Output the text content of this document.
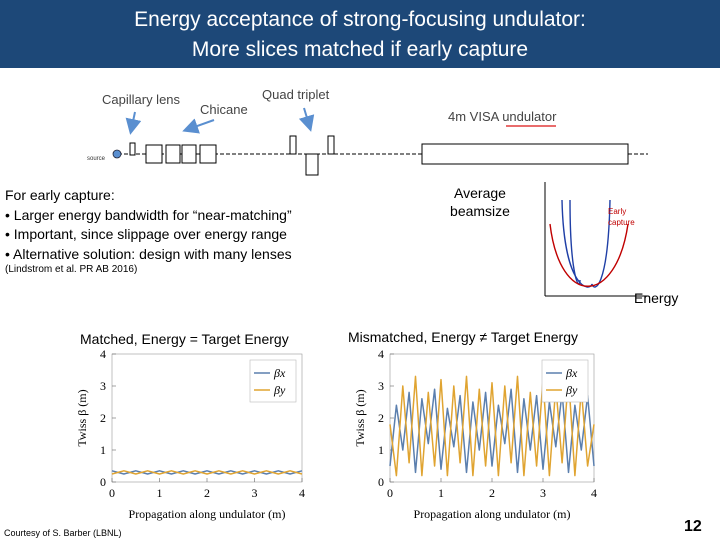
Energy acceptance of strong-focusing undulator:
More slices matched if early capture
Capillary lens
Chicane
Quad triplet
4m VISA undulator
source
For early capture:
• Larger energy bandwidth for “near-matching”
• Important, since slippage over energy range
• Alternative solution: design with many lenses
(Lindstrom et al. PR AB 2016)
Average
beamsize	Early
capture
Energy
Matched, Energy = Target Energy	Mismatched, Energy ≠ Target Energy
0	1	2	3	4
0
1
2
3
4
Propagation along undulator (m)
Twiss β (m)
βx
βy
0	1	2	3	4
0
1
2
3
4
Propagation along undulator (m)
Twiss β (m)
βx
βy
Courtesy of S. Barber (LBNL)	12
